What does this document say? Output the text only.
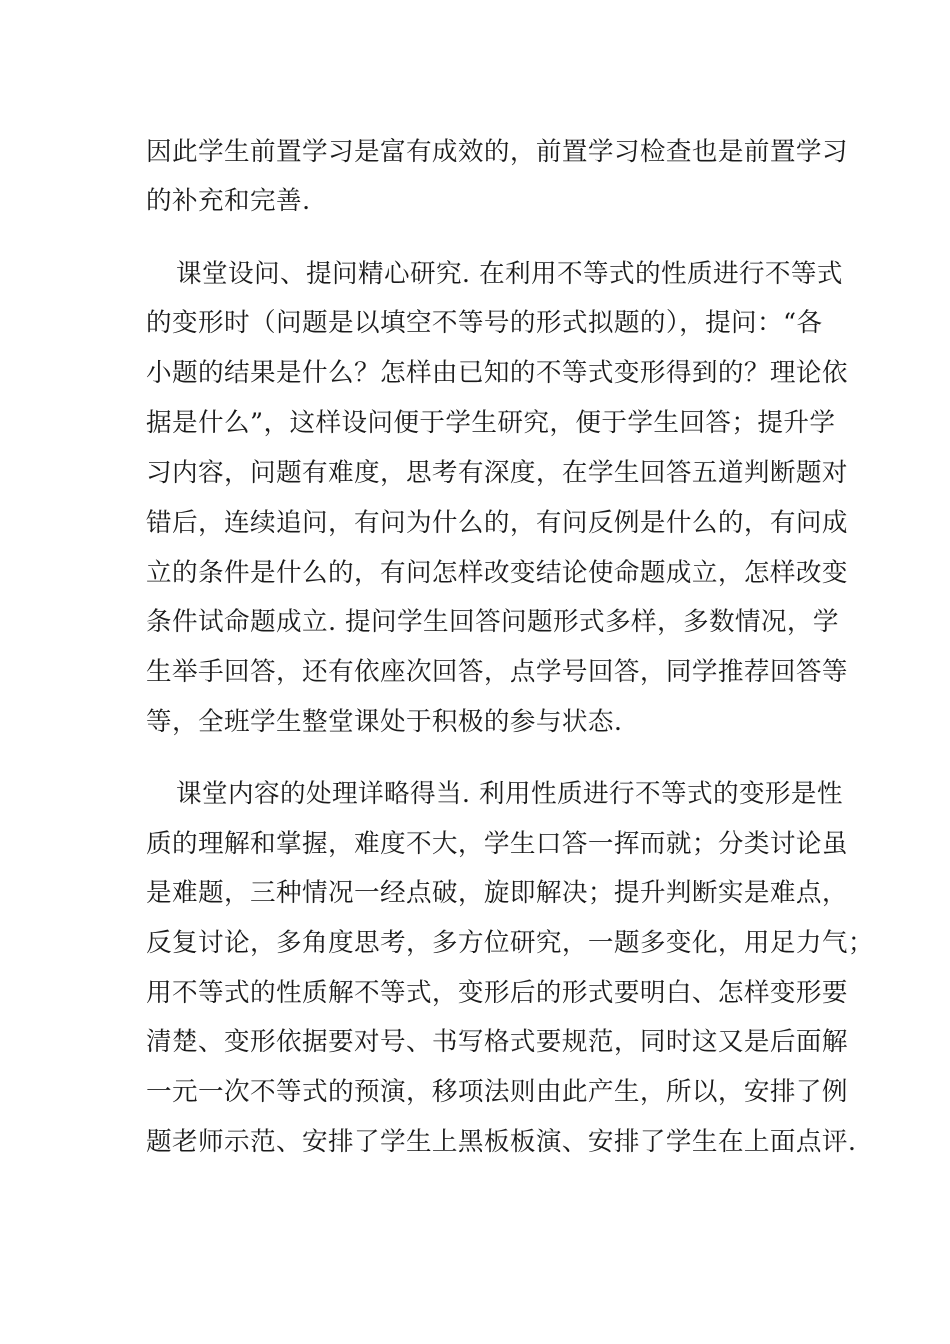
因此学生前置学习是富有成效的，前置学习检查也是前置学习
的补充和完善.
课堂设问、提问精心研究. 在利用不等式的性质进行不等式
的变形时（问题是以填空不等号的形式拟题的），提问：“各
小题的结果是什么？怎样由已知的不等式变形得到的？理论依
据是什么”，这样设问便于学生研究，便于学生回答；提升学
习内容，问题有难度，思考有深度，在学生回答五道判断题对
错后，连续追问，有问为什么的，有问反例是什么的，有问成
立的条件是什么的，有问怎样改变结论使命题成立，怎样改变
条件试命题成立. 提问学生回答问题形式多样，多数情况，学
生举手回答，还有依座次回答，点学号回答，同学推荐回答等
等，全班学生整堂课处于积极的参与状态.
课堂内容的处理详略得当. 利用性质进行不等式的变形是性
质的理解和掌握，难度不大，学生口答一挥而就；分类讨论虽
是难题，三种情况一经点破，旋即解决；提升判断实是难点，
反复讨论，多角度思考，多方位研究，一题多变化，用足力气；
用不等式的性质解不等式，变形后的形式要明白、怎样变形要
清楚、变形依据要对号、书写格式要规范，同时这又是后面解
一元一次不等式的预演，移项法则由此产生，所以，安排了例
题老师示范、安排了学生上黑板板演、安排了学生在上面点评.
